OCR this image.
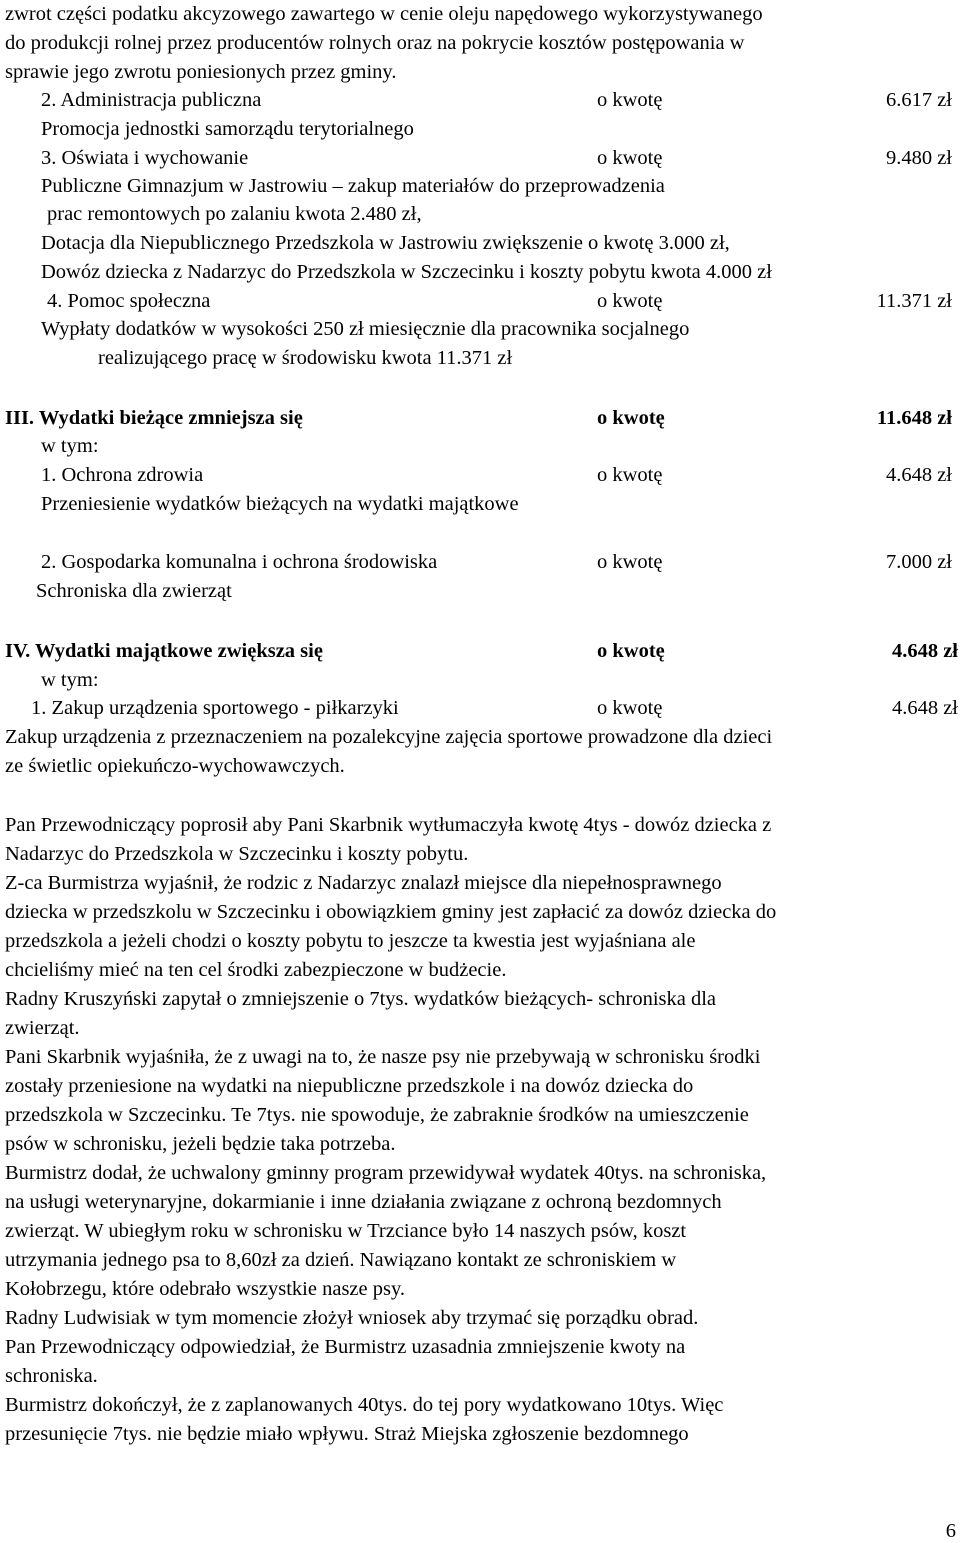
zwrot części podatku akcyzowego zawartego w cenie oleju napędowego wykorzystywanego
do produkcji rolnej przez producentów rolnych oraz na pokrycie kosztów postępowania w
sprawie jego zwrotu poniesionych przez gminy.
2. Administracja publiczna	o kwotę	6.617 zł
Promocja jednostki samorządu terytorialnego
3. Oświata i wychowanie	o kwotę	9.480 zł
Publiczne Gimnazjum w Jastrowiu – zakup materiałów do przeprowadzenia
prac remontowych po zalaniu kwota 2.480 zł,
Dotacja dla Niepublicznego Przedszkola w Jastrowiu zwiększenie o kwotę 3.000 zł,
Dowóz dziecka z Nadarzyc do Przedszkola w Szczecinku i koszty pobytu kwota 4.000 zł
4. Pomoc społeczna	o kwotę	11.371 zł
Wypłaty dodatków w wysokości 250 zł miesięcznie dla pracownika socjalnego
realizującego pracę w środowisku kwota 11.371 zł
III. Wydatki bieżące zmniejsza się	o kwotę	11.648 zł
w tym:
1. Ochrona zdrowia	o kwotę	4.648 zł
Przeniesienie wydatków bieżących na wydatki majątkowe
2. Gospodarka komunalna i ochrona środowiska	o kwotę	7.000 zł
Schroniska dla zwierząt
IV. Wydatki majątkowe zwiększa się	o kwotę	4.648 zł
w tym:
1. Zakup urządzenia sportowego - piłkarzyki	o kwotę	4.648 zł
Zakup urządzenia z przeznaczeniem na pozalekcyjne zajęcia sportowe prowadzone dla dzieci
ze świetlic opiekuńczo-wychowawczych.
Pan Przewodniczący poprosił aby Pani Skarbnik wytłumaczyła kwotę 4tys - dowóz dziecka z
Nadarzyc do Przedszkola w Szczecinku i koszty pobytu.
Z-ca Burmistrza wyjaśnił, że rodzic z Nadarzyc znalazł miejsce dla niepełnosprawnego
dziecka w przedszkolu w Szczecinku i obowiązkiem gminy jest zapłacić za dowóz dziecka do
przedszkola a jeżeli chodzi o koszty pobytu to jeszcze ta kwestia jest wyjaśniana ale
chcieliśmy mieć na ten cel środki zabezpieczone w budżecie.
Radny Kruszyński zapytał o zmniejszenie o 7tys. wydatków bieżących- schroniska dla
zwierząt.
Pani Skarbnik wyjaśniła, że z uwagi na to, że nasze psy nie przebywają w schronisku środki
zostały przeniesione na wydatki na niepubliczne przedszkole i na dowóz dziecka do
przedszkola w Szczecinku. Te 7tys. nie spowoduje, że zabraknie środków na umieszczenie
psów w schronisku, jeżeli będzie taka potrzeba.
Burmistrz dodał, że uchwalony gminny program przewidywał wydatek 40tys. na schroniska,
na usługi weterynaryjne, dokarmianie i inne działania związane z ochroną bezdomnych
zwierząt. W ubiegłym roku w schronisku w Trzciance było 14 naszych psów, koszt
utrzymania jednego psa to 8,60zł za dzień. Nawiązano kontakt ze schroniskiem w
Kołobrzegu, które odebrało wszystkie nasze psy.
Radny Ludwisiak w tym momencie złożył wniosek aby trzymać się porządku obrad.
Pan Przewodniczący odpowiedział, że Burmistrz uzasadnia zmniejszenie kwoty na
schroniska.
Burmistrz dokończył, że z zaplanowanych 40tys. do tej pory wydatkowano 10tys. Więc
przesunięcie 7tys. nie będzie miało wpływu. Straż Miejska zgłoszenie bezdomnego
6
